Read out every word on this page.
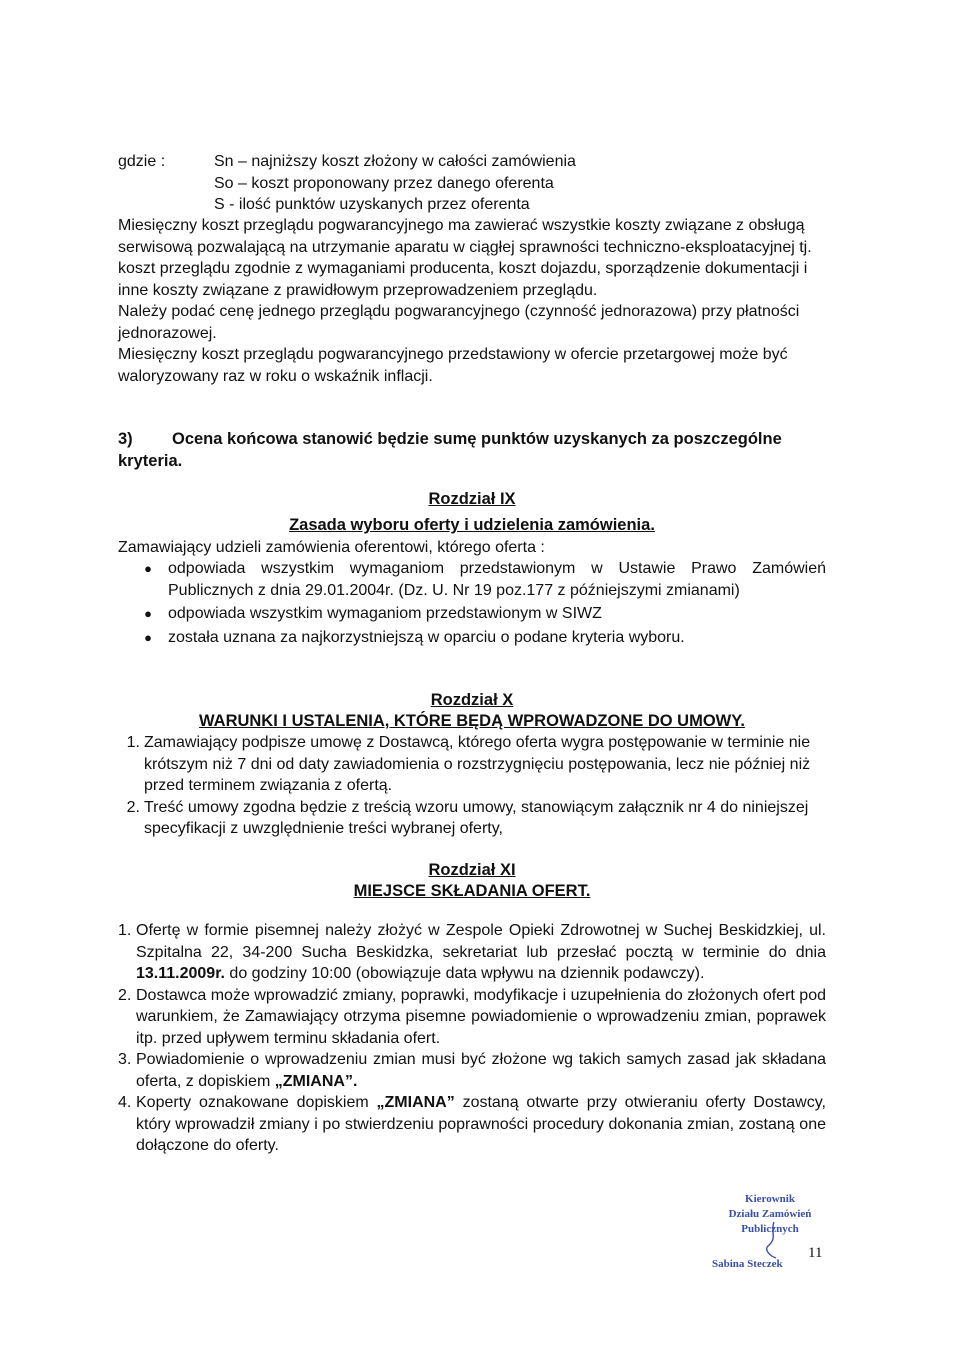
gdzie :	Sn – najniższy koszt złożony w całości zamówienia
So – koszt proponowany przez danego oferenta
S - ilość punktów uzyskanych przez oferenta
Miesięczny koszt przeglądu pogwarancyjnego ma zawierać wszystkie koszty związane z obsługą serwisową pozwalającą na utrzymanie aparatu w ciągłej sprawności techniczno-eksploatacyjnej tj. koszt przeglądu zgodnie z wymaganiami producenta, koszt dojazdu, sporządzenie dokumentacji i inne koszty związane z prawidłowym przeprowadzeniem przeglądu.
Należy podać cenę jednego przeglądu pogwarancyjnego (czynność jednorazowa) przy płatności jednorazowej.
Miesięczny koszt przeglądu pogwarancyjnego przedstawiony w ofercie przetargowej może być waloryzowany raz w roku o wskaźnik inflacji.
3) Ocena końcowa stanowić będzie sumę punktów uzyskanych za poszczególne kryteria.
Rozdział IX
Zasada wyboru oferty i udzielenia zamówienia.
Zamawiający udzieli zamówienia oferentowi, którego oferta :
●	odpowiada wszystkim wymaganiom przedstawionym w Ustawie Prawo Zamówień Publicznych z dnia 29.01.2004r. (Dz. U. Nr 19 poz.177 z późniejszymi zmianami)
●	odpowiada wszystkim wymaganiom przedstawionym w SIWZ
●	została uznana za najkorzystniejszą w oparciu o podane kryteria wyboru.
Rozdział X
WARUNKI I USTALENIA, KTÓRE BĘDĄ WPROWADZONE DO UMOWY.
1. Zamawiający podpisze umowę z Dostawcą, którego oferta wygra postępowanie w terminie nie krótszym niż 7 dni od daty zawiadomienia o rozstrzygnięciu postępowania, lecz nie później niż przed terminem związania z ofertą.
2. Treść umowy zgodna będzie z treścią wzoru umowy, stanowiącym załącznik nr 4 do niniejszej specyfikacji z uwzględnienie treści wybranej oferty,
Rozdział XI
MIEJSCE SKŁADANIA OFERT.
1. Ofertę w formie pisemnej należy złożyć w Zespole Opieki Zdrowotnej w Suchej Beskidzkiej, ul. Szpitalna 22, 34-200 Sucha Beskidzka, sekretariat lub przesłać pocztą w terminie do dnia 13.11.2009r. do godziny 10:00 (obowiązuje data wpływu na dziennik podawczy).
2. Dostawca może wprowadzić zmiany, poprawki, modyfikacje i uzupełnienia do złożonych ofert pod warunkiem, że Zamawiający otrzyma pisemne powiadomienie o wprowadzeniu zmian, poprawek itp. przed upływem terminu składania ofert.
3. Powiadomienie o wprowadzeniu zmian musi być złożone wg takich samych zasad jak składana oferta, z dopiskiem „ZMIANA”.
4. Koperty oznakowane dopiskiem „ZMIANA” zostaną otwarte przy otwieraniu oferty Dostawcy, który wprowadził zmiany i po stwierdzeniu poprawności procedury dokonania zmian, zostaną one dołączone do oferty.
Kierownik
Działu Zamówień Publicznych
Sabina Steczek
11
